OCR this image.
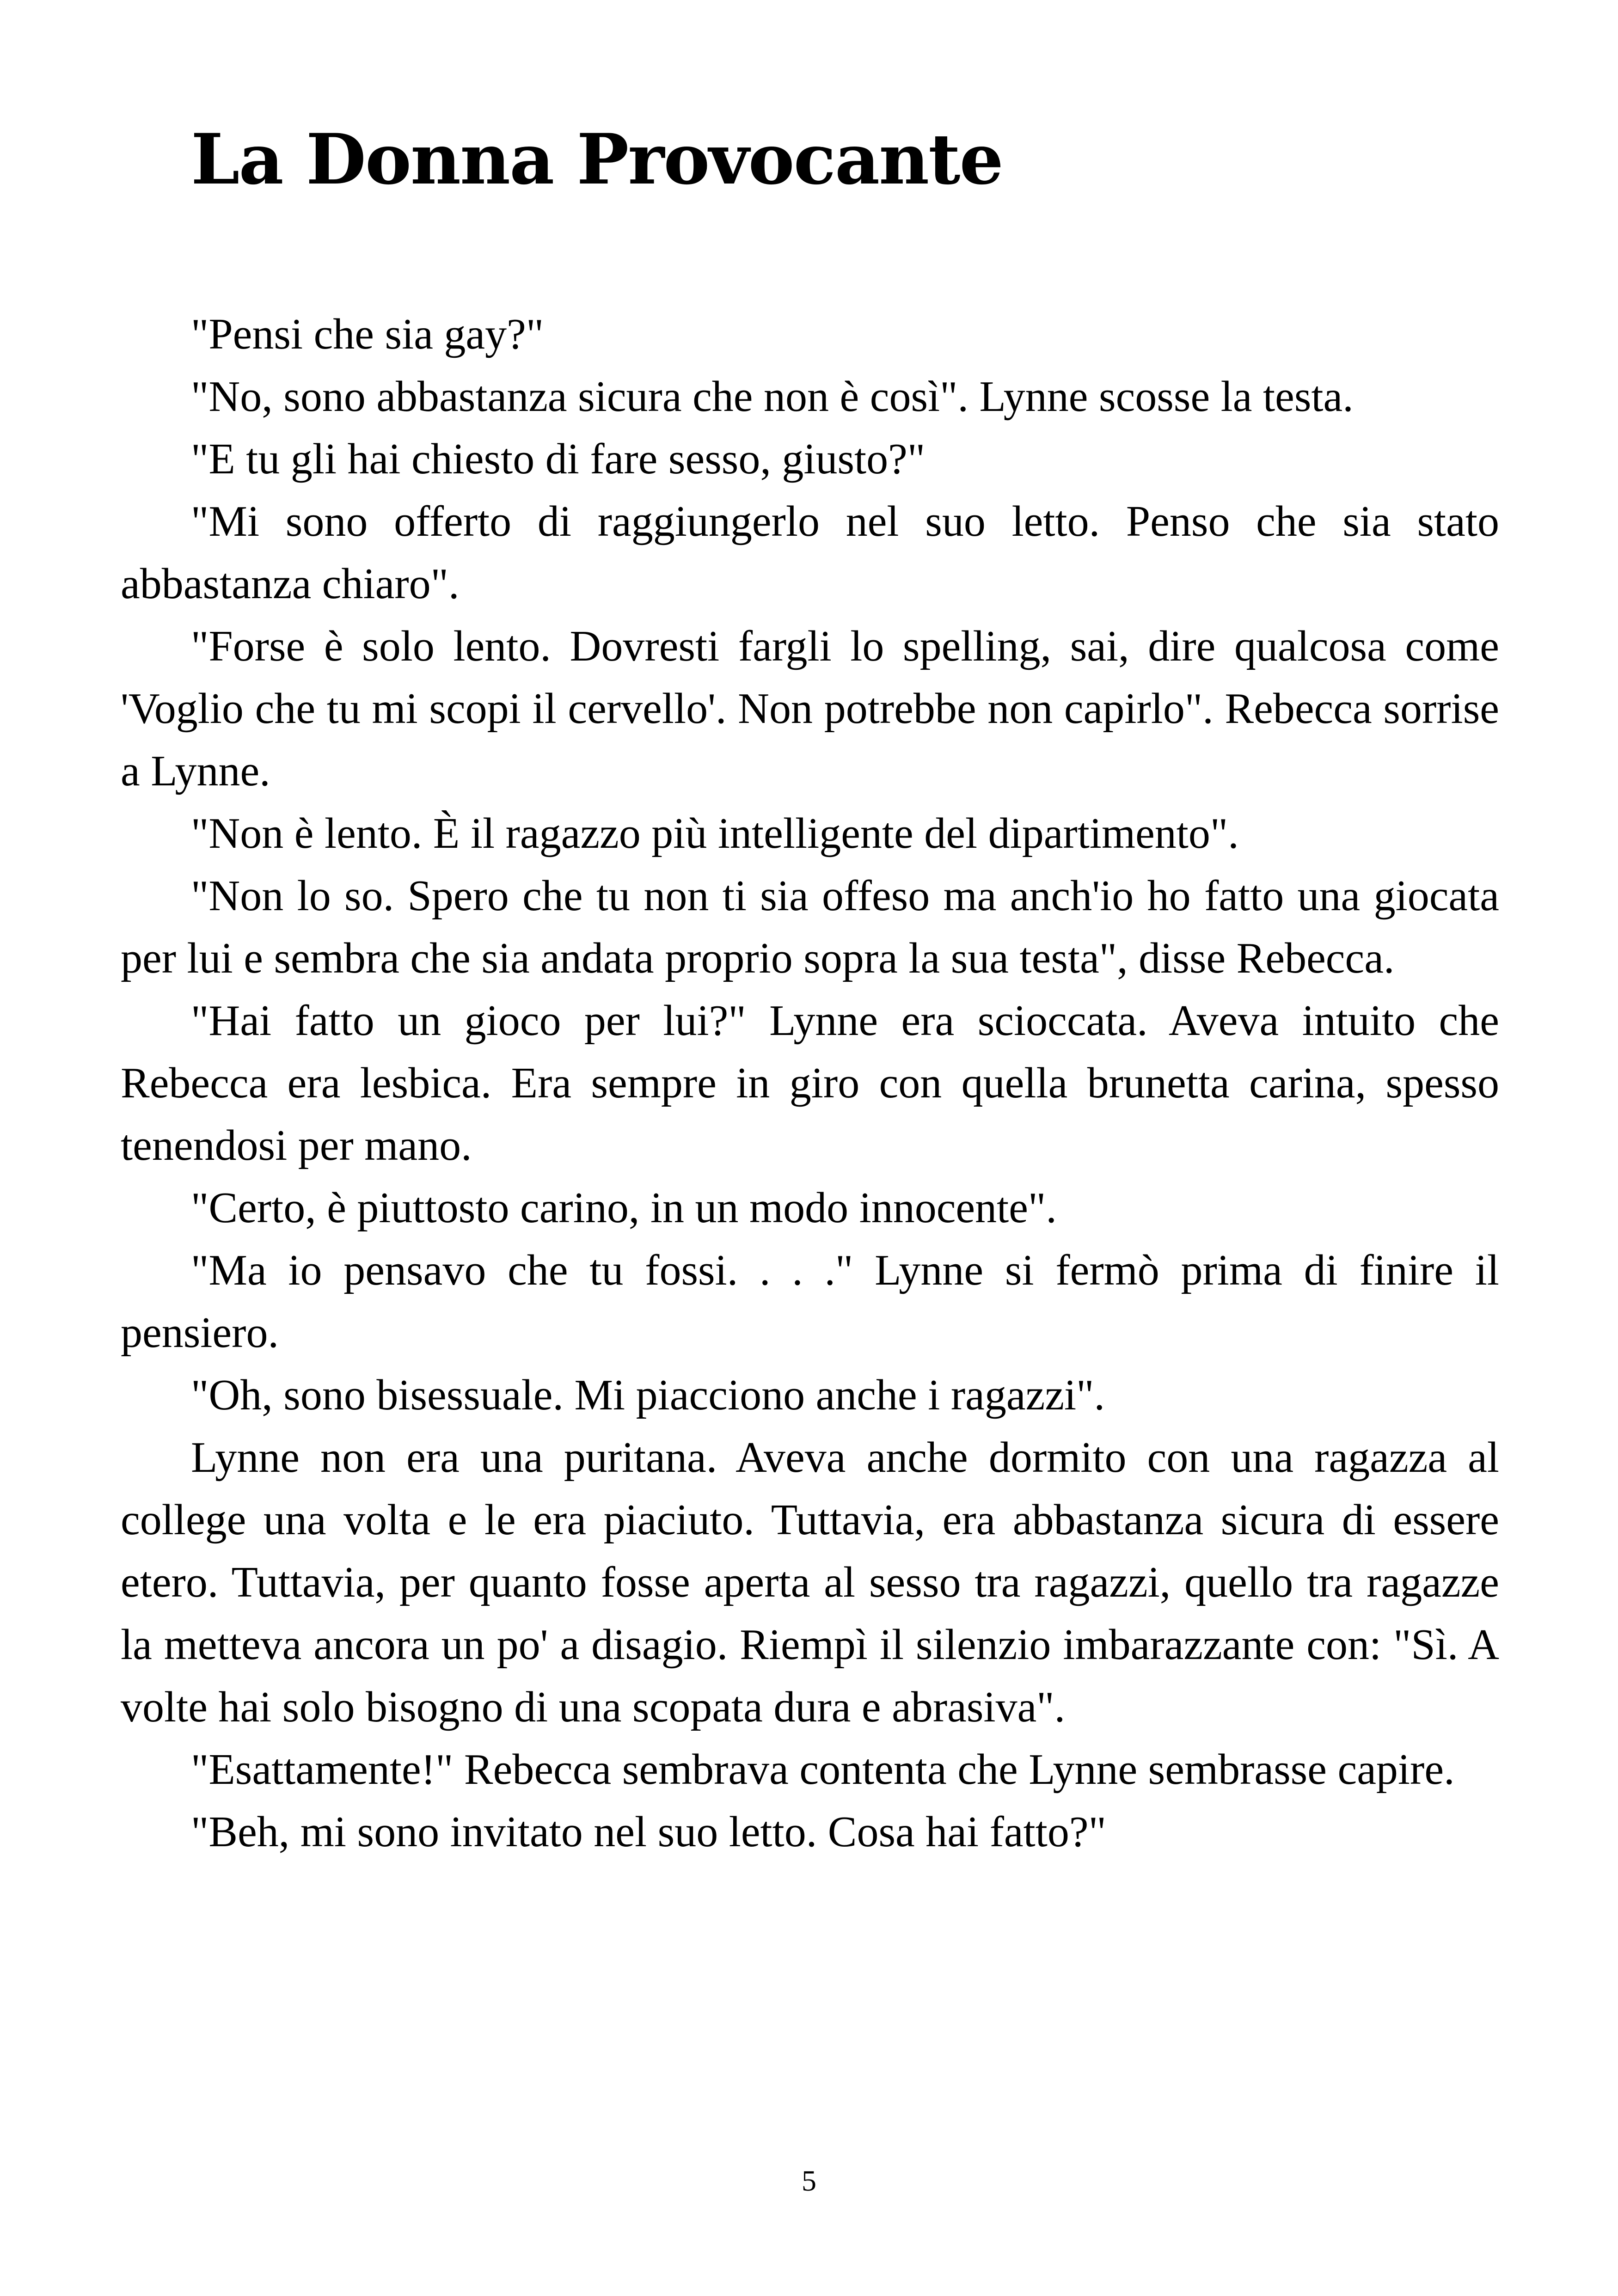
La Donna Provocante

"Pensi che sia gay?"

"No, sono abbastanza sicura che non è così". Lynne scosse la testa.

"E tu gli hai chiesto di fare sesso, giusto?"

"Mi sono offerto di raggiungerlo nel suo letto. Penso che sia stato abbastanza chiaro".

"Forse è solo lento. Dovresti fargli lo spelling, sai, dire qualcosa come 'Voglio che tu mi scopi il cervello'. Non potrebbe non capirlo". Rebecca sorrise a Lynne.

"Non è lento. È il ragazzo più intelligente del dipartimento".

"Non lo so. Spero che tu non ti sia offeso ma anch'io ho fatto una giocata per lui e sembra che sia andata proprio sopra la sua testa", disse Rebecca.

"Hai fatto un gioco per lui?" Lynne era scioccata. Aveva intuito che Rebecca era lesbica. Era sempre in giro con quella brunetta carina, spesso tenendosi per mano.

"Certo, è piuttosto carino, in un modo innocente".

"Ma io pensavo che tu fossi. . . ." Lynne si fermò prima di finire il pensiero.

"Oh, sono bisessuale. Mi piacciono anche i ragazzi".

Lynne non era una puritana. Aveva anche dormito con una ragazza al college una volta e le era piaciuto. Tuttavia, era abbastanza sicura di essere etero. Tuttavia, per quanto fosse aperta al sesso tra ragazzi, quello tra ragazze la metteva ancora un po' a disagio. Riempì il silenzio imbarazzante con: "Sì. A volte hai solo bisogno di una scopata dura e abrasiva".

"Esattamente!" Rebecca sembrava contenta che Lynne sembrasse capire.

"Beh, mi sono invitato nel suo letto. Cosa hai fatto?"

5
